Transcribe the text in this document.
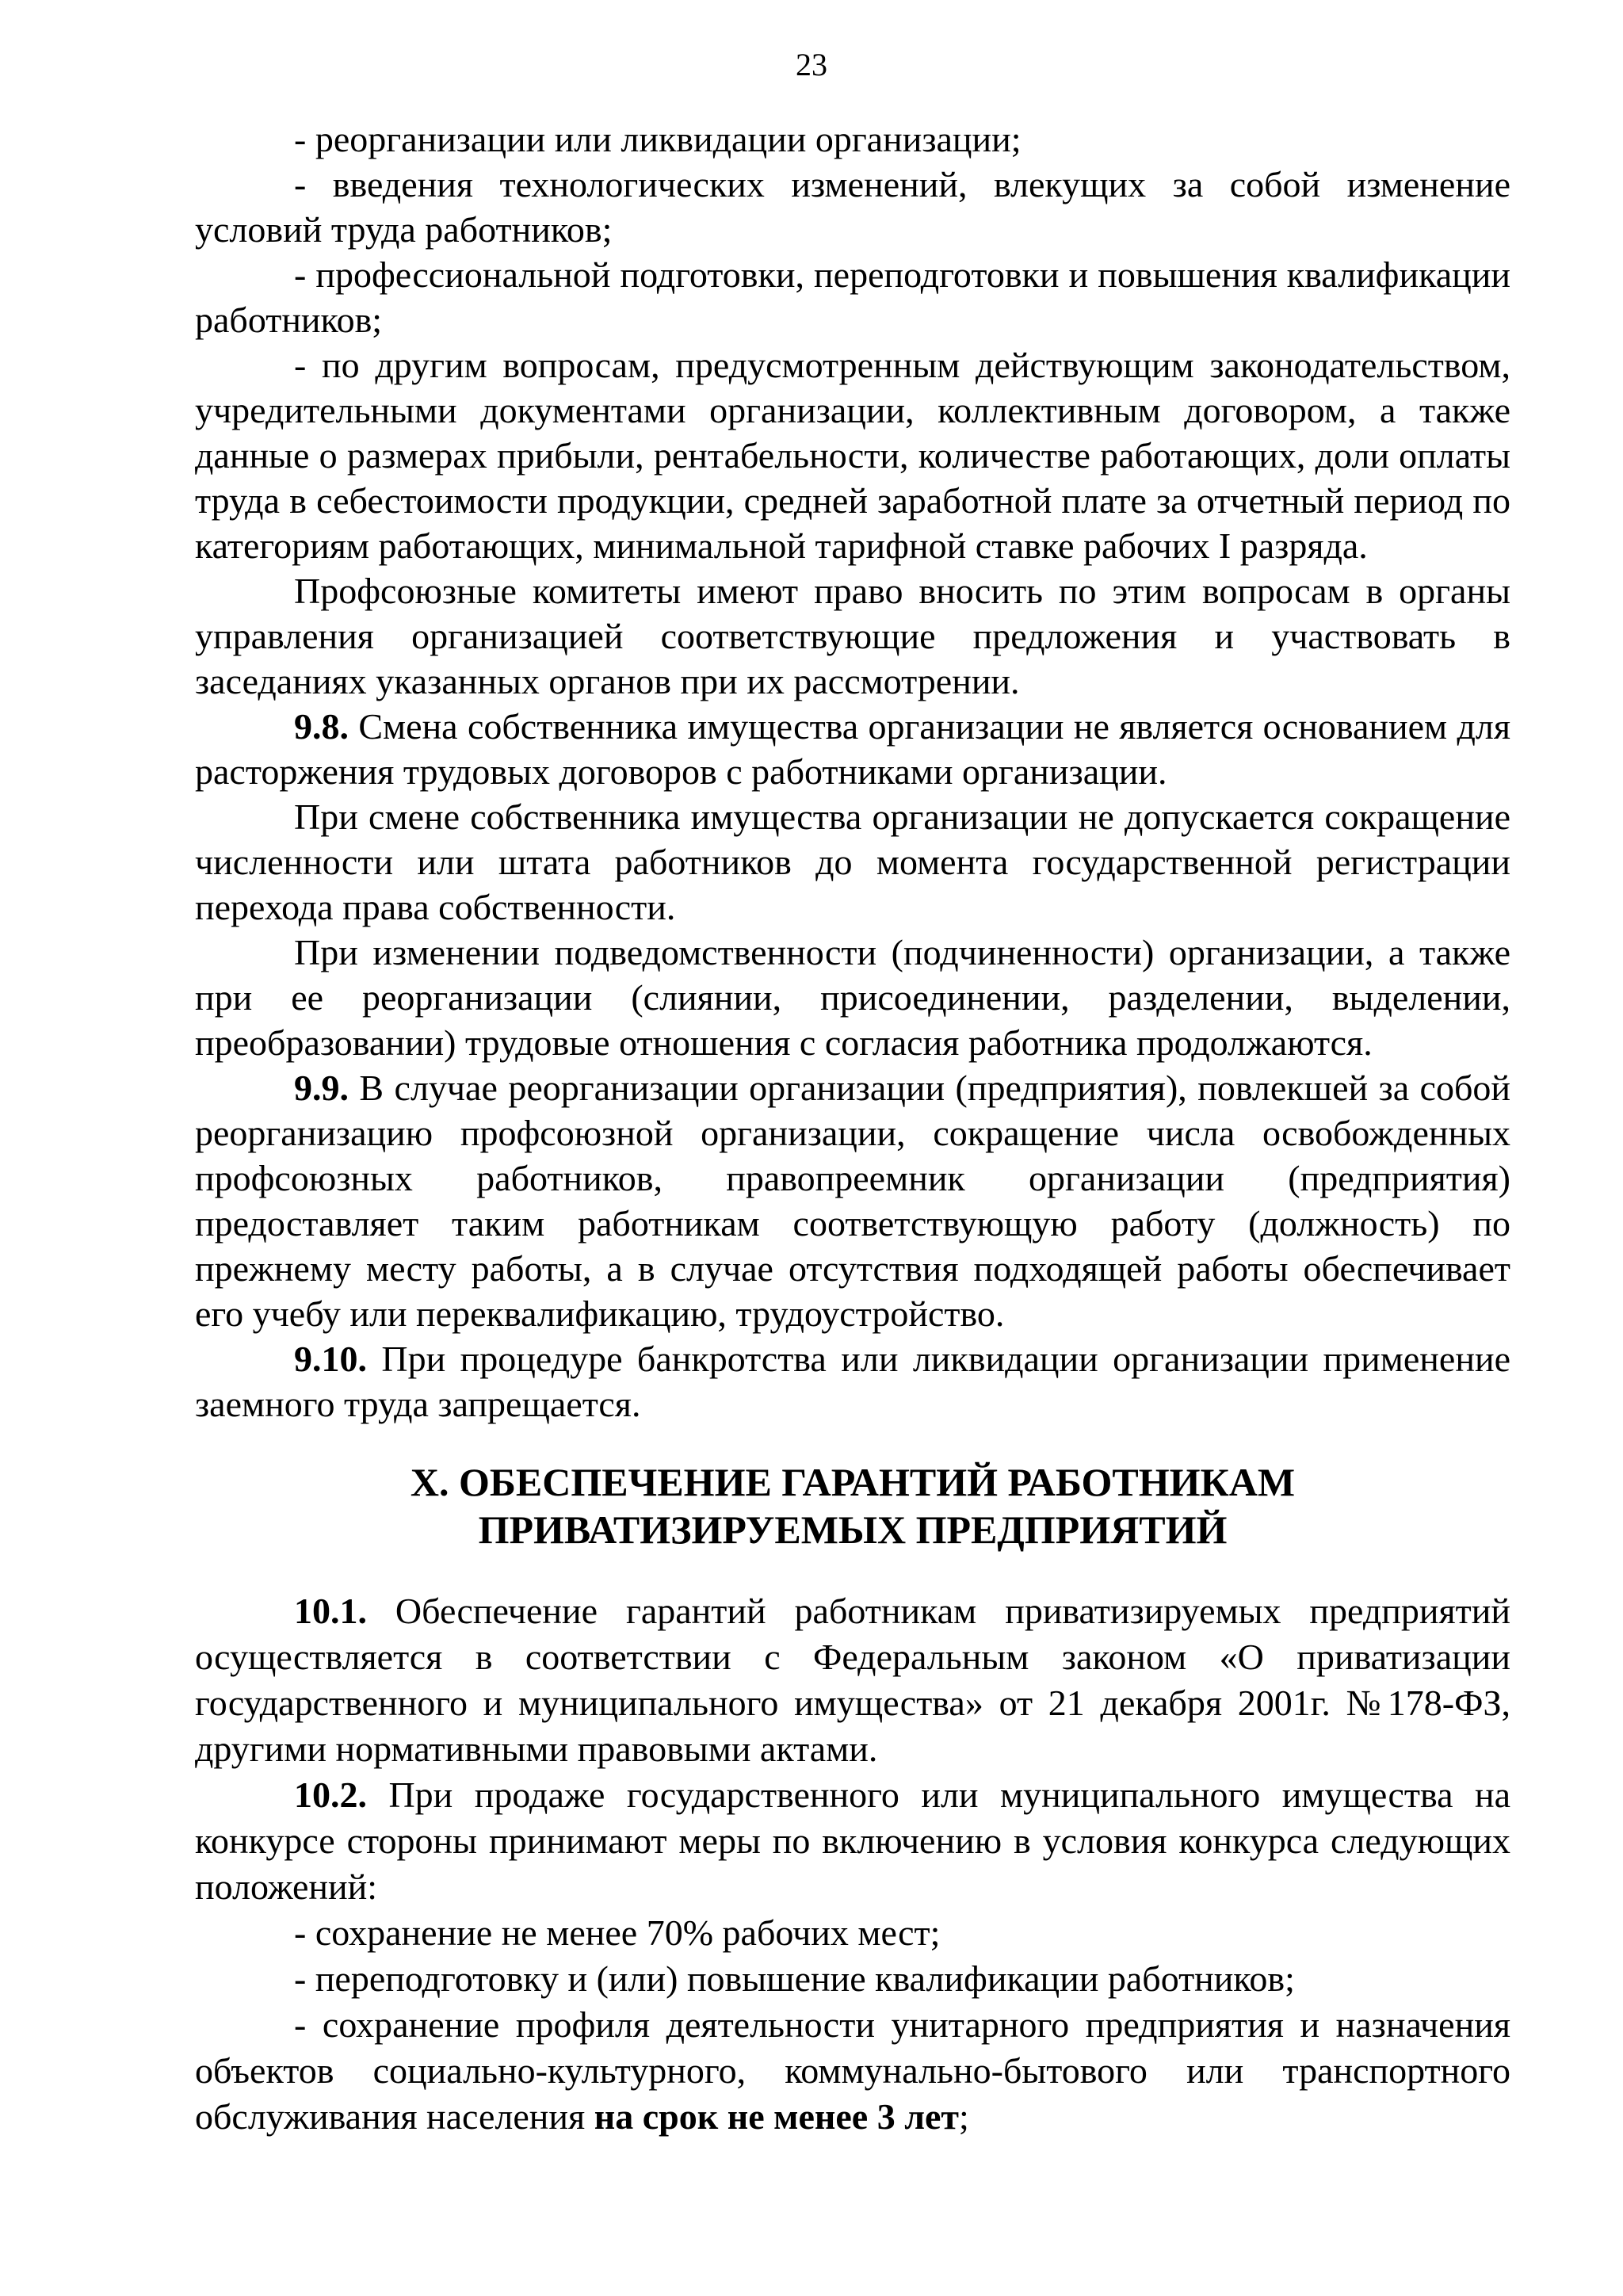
23

- реорганизации или ликвидации организации;

- введения технологических изменений, влекущих за собой изменение условий труда работников;

- профессиональной подготовки, переподготовки и повышения квалификации работников;

- по другим вопросам, предусмотренным действующим законодательством, учредительными документами организации, коллективным договором, а также данные о размерах прибыли, рентабельности, количестве работающих, доли оплаты труда в себестоимости продукции, средней заработной плате за отчетный период по категориям работающих, минимальной тарифной ставке рабочих I разряда.

Профсоюзные комитеты имеют право вносить по этим вопросам в органы управления организацией соответствующие предложения и участвовать в заседаниях указанных органов при их рассмотрении.

9.8. Смена собственника имущества организации не является основанием для расторжения трудовых договоров с работниками организации.

При смене собственника имущества организации не допускается сокращение численности или штата работников до момента государственной регистрации перехода права собственности.

При изменении подведомственности (подчиненности) организации, а также при ее реорганизации (слиянии, присоединении, разделении, выделении, преобразовании) трудовые отношения с согласия работника продолжаются.

9.9. В случае реорганизации организации (предприятия), повлекшей за собой реорганизацию профсоюзной организации, сокращение числа освобожденных профсоюзных работников, правопреемник организации (предприятия) предоставляет таким работникам соответствующую работу (должность) по прежнему месту работы, а в случае отсутствия подходящей работы обеспечивает его учебу или переквалификацию, трудоустройство.

9.10. При процедуре банкротства или ликвидации организации применение заемного труда запрещается.

X. ОБЕСПЕЧЕНИЕ ГАРАНТИЙ РАБОТНИКАМ
ПРИВАТИЗИРУЕМЫХ ПРЕДПРИЯТИЙ

10.1. Обеспечение гарантий работникам приватизируемых предприятий осуществляется в соответствии с Федеральным законом «О приватизации государственного и муниципального имущества» от 21 декабря 2001г. №178-ФЗ, другими нормативными правовыми актами.

10.2. При продаже государственного или муниципального имущества на конкурсе стороны принимают меры по включению в условия конкурса следующих положений:

- сохранение не менее 70% рабочих мест;

- переподготовку и (или) повышение квалификации работников;

- сохранение профиля деятельности унитарного предприятия и назначения объектов социально-культурного, коммунально-бытового или транспортного обслуживания населения на срок не менее 3 лет;
